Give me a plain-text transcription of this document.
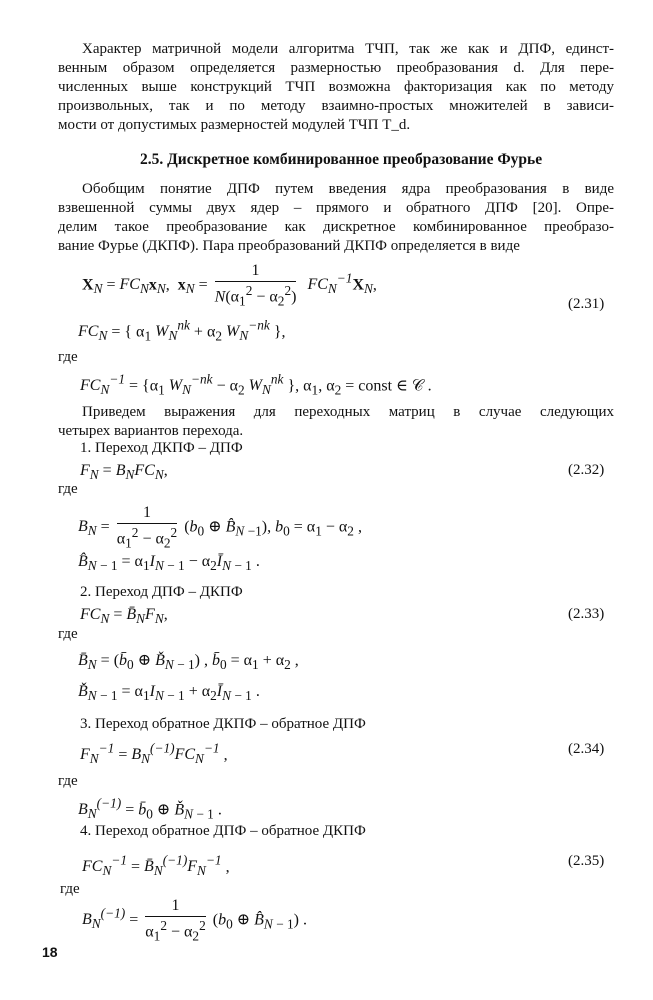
Характер матричной модели алгоритма ТЧП, так же как и ДПФ, единст-
венным образом определяется размерностью преобразования d. Для пере-
численных выше конструкций ТЧП возможна факторизация как по методу
произвольных, так и по методу взаимно-простых множителей в зависи-
мости от допустимых размерностей модулей ТЧП T_d.
2.5. Дискретное комбинированное преобразование Фурье
Обобщим понятие ДПФ путем введения ядра преобразования в виде
взвешенной суммы двух ядер – прямого и обратного ДПФ [20]. Опре-
делим такое преобразование как дискретное комбинированное преобразо-
вание Фурье (ДКПФ). Пара преобразований ДКПФ определяется в виде
$X_N = FC_Nx_N$,  $x_N = \frac{1}{N(\alpha_1^2 - \alpha_2^2)} FC_N^{-1}X_N$,
(2.31)
$FC_N$ = { $\alpha_1$ $W_N^{nk} + \alpha_2$ $W_N^{-nk}$ },
где
$FC_N^{-1} = \{\alpha_1$ $W_N^{-nk} - \alpha_2$ $W_N^{nk}$ }, $\alpha_1$, $\alpha_2$ = const ∈ 𝒞 .
Приведем выражения для переходных матриц в случае следующих
четырех вариантов перехода.
1. Переход ДКПФ – ДПФ
$F_N = B_NFC_N$,	(2.32)
где
$B_N = \frac{1}{\alpha_1^2 - \alpha_2^2} (b_0$ ⊕ $B̂_{N -1}$), $b_0 = \alpha_1 - \alpha_2$ ,
$B̂_{N - 1} = \alpha_1I_{N - 1}$ − $\alpha_2Ī_{N - 1}$ .
2. Переход ДПФ – ДКПФ
$FC_N$ = $B̄_NF_N$,	(2.33)
где
$B̄_N$ = ($b̄_0$ ⊕ $B̌_{N - 1}$) , $b̄_0 = \alpha_1 + \alpha_2$ ,
$B̌_{N - 1} = \alpha_1I_{N - 1}$ + $\alpha_2Ī_{N - 1}$ .
3. Переход обратное ДКПФ – обратное ДПФ
$F_N^{-1} = B_N^{(-1)}FC_N^{-1}$ ,	(2.34)
где
$B_N^{(-1)}$ = $b̄_0$ ⊕ $B̌_{N - 1}$ .
4. Переход обратное ДПФ – обратное ДКПФ
$FC_N^{-1}$ = $B̄_N^{(-1)}F_N^{-1}$ ,	(2.35)
где
$B_N^{(-1)} = \frac{1}{\alpha_1^2 - \alpha_2^2} (b_0$ ⊕ $B̂_{N - 1}$) .
18
